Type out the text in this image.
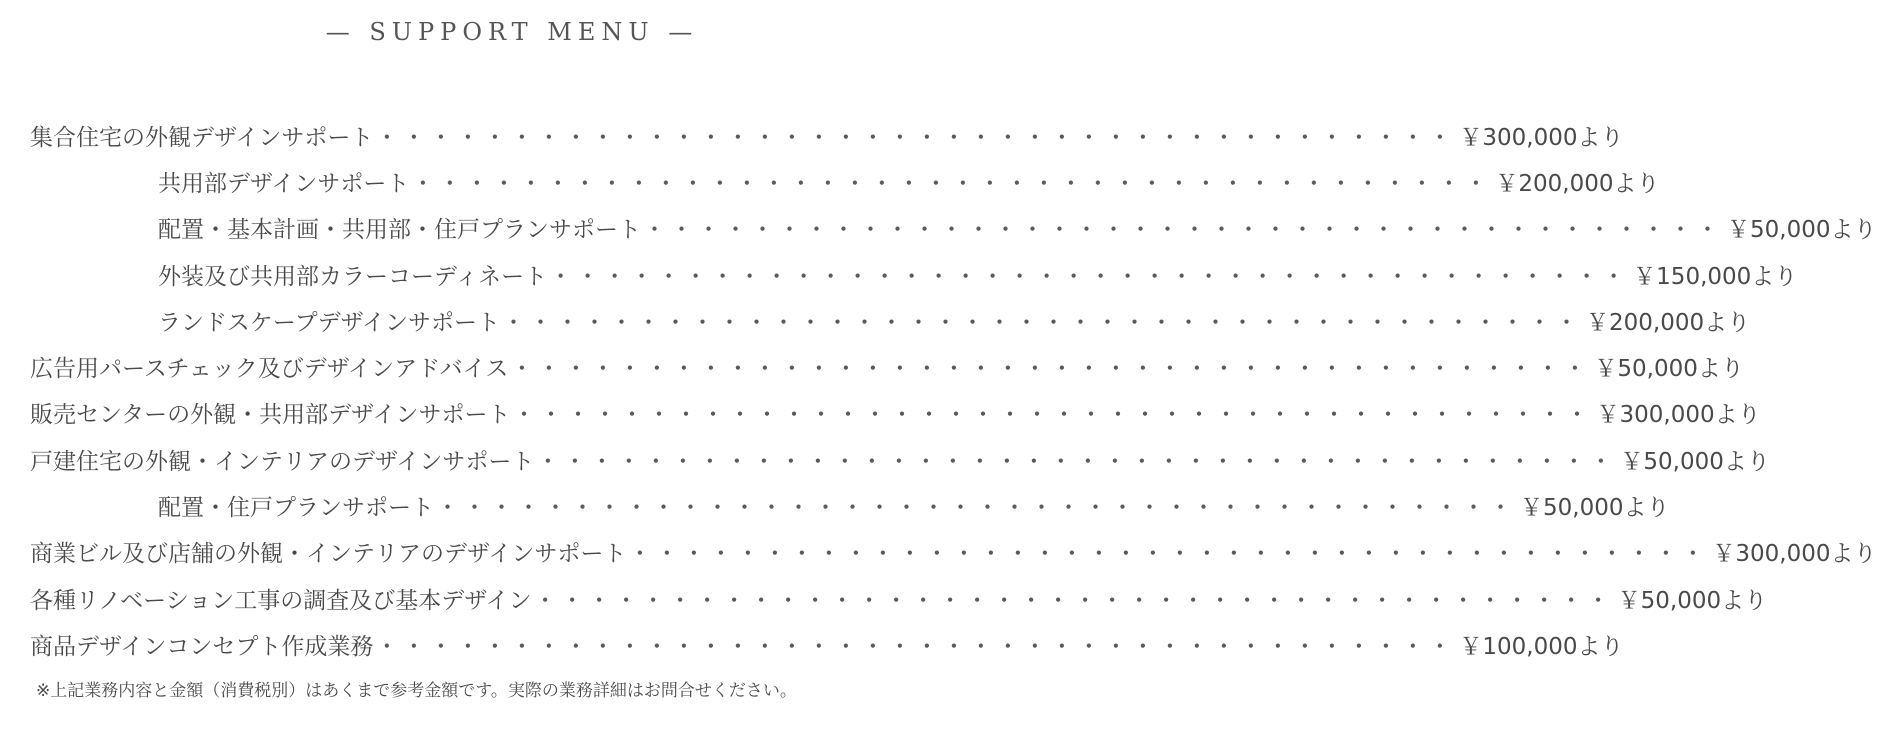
— SUPPORT MENU —
集合住宅の外観デザインサポート ・・・・・・・・・・・・・・・・・・・・・・・・・・・・・・・・・・・・・・・・ ￥300,000より
共用部デザインサポート ・・・・・・・・・・・・・・・・・・・・・・・・・・・・・・・・・・・・・・・・ ￥200,000より
配置・基本計画・共用部・住戸プランサポート ・・・・・・・・・・・・・・・・・・・・・・・・・・・・・・・・・・・・・・・・ ￥50,000より
外装及び共用部カラーコーディネート ・・・・・・・・・・・・・・・・・・・・・・・・・・・・・・・・・・・・・・・・ ￥150,000より
ランドスケープデザインサポート ・・・・・・・・・・・・・・・・・・・・・・・・・・・・・・・・・・・・・・・・ ￥200,000より
広告用パースチェック及びデザインアドバイス ・・・・・・・・・・・・・・・・・・・・・・・・・・・・・・・・・・・・・・・・ ￥50,000より
販売センターの外観・共用部デザインサポート ・・・・・・・・・・・・・・・・・・・・・・・・・・・・・・・・・・・・・・・・ ￥300,000より
戸建住宅の外観・インテリアのデザインサポート ・・・・・・・・・・・・・・・・・・・・・・・・・・・・・・・・・・・・・・・・ ￥50,000より
配置・住戸プランサポート ・・・・・・・・・・・・・・・・・・・・・・・・・・・・・・・・・・・・・・・・ ￥50,000より
商業ビル及び店舗の外観・インテリアのデザインサポート ・・・・・・・・・・・・・・・・・・・・・・・・・・・・・・・・・・・・・・・・ ￥300,000より
各種リノベーション工事の調査及び基本デザイン ・・・・・・・・・・・・・・・・・・・・・・・・・・・・・・・・・・・・・・・・ ￥50,000より
商品デザインコンセプト作成業務 ・・・・・・・・・・・・・・・・・・・・・・・・・・・・・・・・・・・・・・・・ ￥100,000より
※上記業務内容と金額（消費税別）はあくまで参考金額です。実際の業務詳細はお問合せください。
